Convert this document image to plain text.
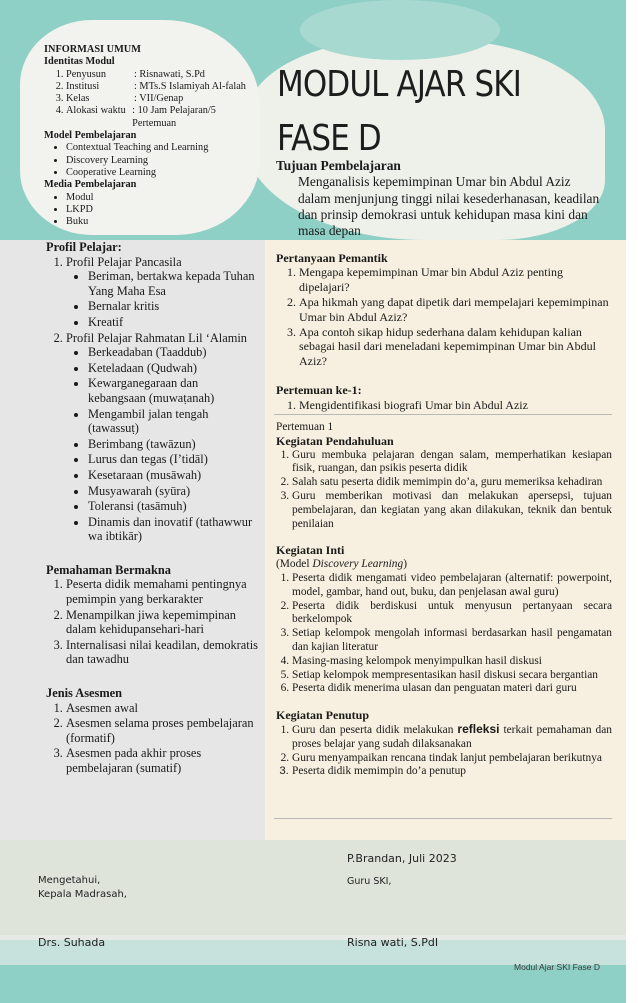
INFORMASI UMUM
Identitas Modul
1. Penyusun	: Risnawati, S.Pd
2. Institusi	: MTs.S Islamiyah Al-falah
3. Kelas	: VII/Genap
4. Alokasi waktu : 10 Jam Pelajaran/5 Pertemuan
Model Pembelajaran
• Contextual Teaching and Learning
• Discovery Learning
• Cooperative Learning
Media Pembelajaran
• Modul
• LKPD
• Buku
MODUL AJAR SKI
FASE D
Tujuan Pembelajaran
Menganalisis kepemimpinan Umar bin Abdul Aziz dalam menjunjung tinggi nilai kesederhanasan, keadilan dan prinsip demokrasi untuk kehidupan masa kini dan masa depan
Profil Pelajar:
1. Profil Pelajar Pancasila
• Beriman, bertakwa kepada Tuhan Yang Maha Esa
• Bernalar kritis
• Kreatif
2. Profil Pelajar Rahmatan Lil ‘Alamin
• Berkeadaban (Taaddub)
• Keteladaan (Qudwah)
• Kewarganegaraan dan kebangsaan (muwaṭanah)
• Mengambil jalan tengah (tawassuṭ)
• Berimbang (tawāzun)
• Lurus dan tegas (I’tidāl)
• Kesetaraan (musāwah)
• Musyawarah (syūra)
• Toleransi (tasāmuh)
• Dinamis dan inovatif (tathawwur wa ibtikār)
Pemahaman Bermakna
1. Peserta didik memahami pentingnya pemimpin yang berkarakter
2. Menampilkan jiwa kepemimpinan dalam kehidupansehari-hari
3. Internalisasi nilai keadilan, demokratis dan tawadhu
Jenis Asesmen
1. Asesmen awal
2. Asesmen selama proses pembelajaran (formatif)
3. Asesmen pada akhir proses pembelajaran (sumatif)
Pertanyaan Pemantik
1. Mengapa kepemimpinan Umar bin Abdul Aziz penting dipelajari?
2. Apa hikmah yang dapat dipetik dari mempelajari kepemimpinan Umar bin Abdul Aziz?
3. Apa contoh sikap hidup sederhana dalam kehidupan kalian sebagai hasil dari meneladani kepemimpinan Umar bin Abdul Aziz?
Pertemuan ke-1:
1. Mengidentifikasi biografi Umar bin Abdul Aziz
Pertemuan 1
Kegiatan Pendahuluan
1. Guru membuka pelajaran dengan salam, memperhatikan kesiapan fisik, ruangan, dan psikis peserta didik
2. Salah satu peserta didik memimpin do’a, guru memeriksa kehadiran
3. Guru memberikan motivasi dan melakukan apersepsi, tujuan pembelajaran, dan kegiatan yang akan dilakukan, teknik dan bentuk penilaian
Kegiatan Inti
(Model Discovery Learning)
1. Peserta didik mengamati video pembelajaran (alternatif: powerpoint, model, gambar, hand out, buku, dan penjelasan awal guru)
2. Peserta didik berdiskusi untuk menyusun pertanyaan secara berkelompok
3. Setiap kelompok mengolah informasi berdasarkan hasil pengamatan dan kajian literatur
4. Masing-masing kelompok menyimpulkan hasil diskusi
5. Setiap kelompok mempresentasikan hasil diskusi secara bergantian
6. Peserta didik menerima ulasan dan penguatan materi dari guru
Kegiatan Penutup
1. Guru dan peserta didik melakukan refleksi terkait pemahaman dan proses belajar yang sudah dilaksanakan
2. Guru menyampaikan rencana tindak lanjut pembelajaran berikutnya
3. Peserta didik memimpin do’a penutup
P.Brandan, Juli 2023
Mengetahui,
Kepala Madrasah,
Guru SKI,
Drs. Suhada	Risna wati, S.PdI
Modul Ajar SKI Fase D
